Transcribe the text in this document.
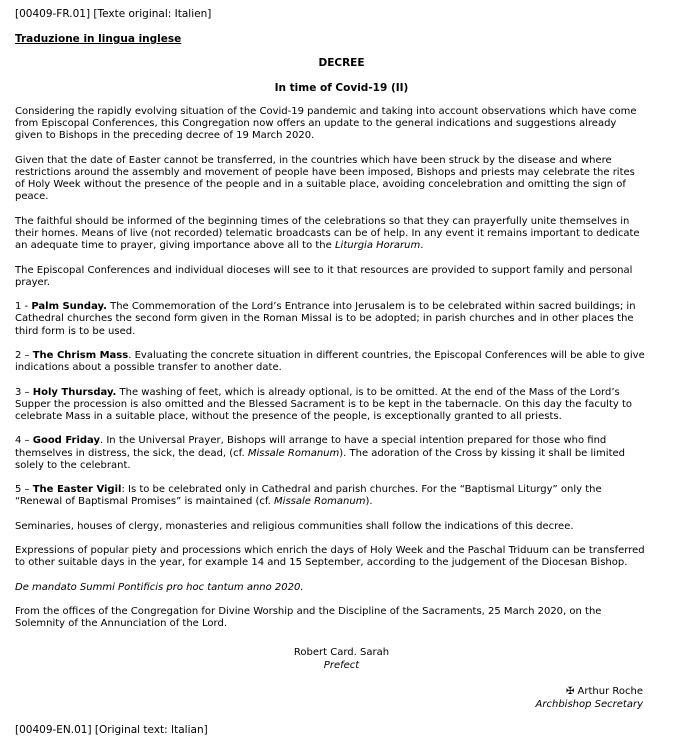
[00409-FR.01] [Texte original: Italien]
Traduzione in lingua inglese
DECREE
In time of Covid-19 (II)

Considering the rapidly evolving situation of the Covid-19 pandemic and taking into account observations which have come from Episcopal Conferences, this Congregation now offers an update to the general indications and suggestions already given to Bishops in the preceding decree of 19 March 2020.

Given that the date of Easter cannot be transferred, in the countries which have been struck by the disease and where restrictions around the assembly and movement of people have been imposed, Bishops and priests may celebrate the rites of Holy Week without the presence of the people and in a suitable place, avoiding concelebration and omitting the sign of peace.

The faithful should be informed of the beginning times of the celebrations so that they can prayerfully unite themselves in their homes. Means of live (not recorded) telematic broadcasts can be of help. In any event it remains important to dedicate an adequate time to prayer, giving importance above all to the Liturgia Horarum.

The Episcopal Conferences and individual dioceses will see to it that resources are provided to support family and personal prayer.

1 - Palm Sunday. The Commemoration of the Lord’s Entrance into Jerusalem is to be celebrated within sacred buildings; in Cathedral churches the second form given in the Roman Missal is to be adopted; in parish churches and in other places the third form is to be used.

2 – The Chrism Mass. Evaluating the concrete situation in different countries, the Episcopal Conferences will be able to give indications about a possible transfer to another date.

3 – Holy Thursday. The washing of feet, which is already optional, is to be omitted. At the end of the Mass of the Lord’s Supper the procession is also omitted and the Blessed Sacrament is to be kept in the tabernacle. On this day the faculty to celebrate Mass in a suitable place, without the presence of the people, is exceptionally granted to all priests.

4 – Good Friday. In the Universal Prayer, Bishops will arrange to have a special intention prepared for those who find themselves in distress, the sick, the dead, (cf. Missale Romanum). The adoration of the Cross by kissing it shall be limited solely to the celebrant.

5 – The Easter Vigil: Is to be celebrated only in Cathedral and parish churches. For the “Baptismal Liturgy” only the “Renewal of Baptismal Promises” is maintained (cf. Missale Romanum).

Seminaries, houses of clergy, monasteries and religious communities shall follow the indications of this decree.

Expressions of popular piety and processions which enrich the days of Holy Week and the Paschal Triduum can be transferred to other suitable days in the year, for example 14 and 15 September, according to the judgement of the Diocesan Bishop.

De mandato Summi Pontificis pro hoc tantum anno 2020.

From the offices of the Congregation for Divine Worship and the Discipline of the Sacraments, 25 March 2020, on the Solemnity of the Annunciation of the Lord.

Robert Card. Sarah
Prefect
✠ Arthur Roche
Archbishop Secretary
[00409-EN.01] [Original text: Italian]
